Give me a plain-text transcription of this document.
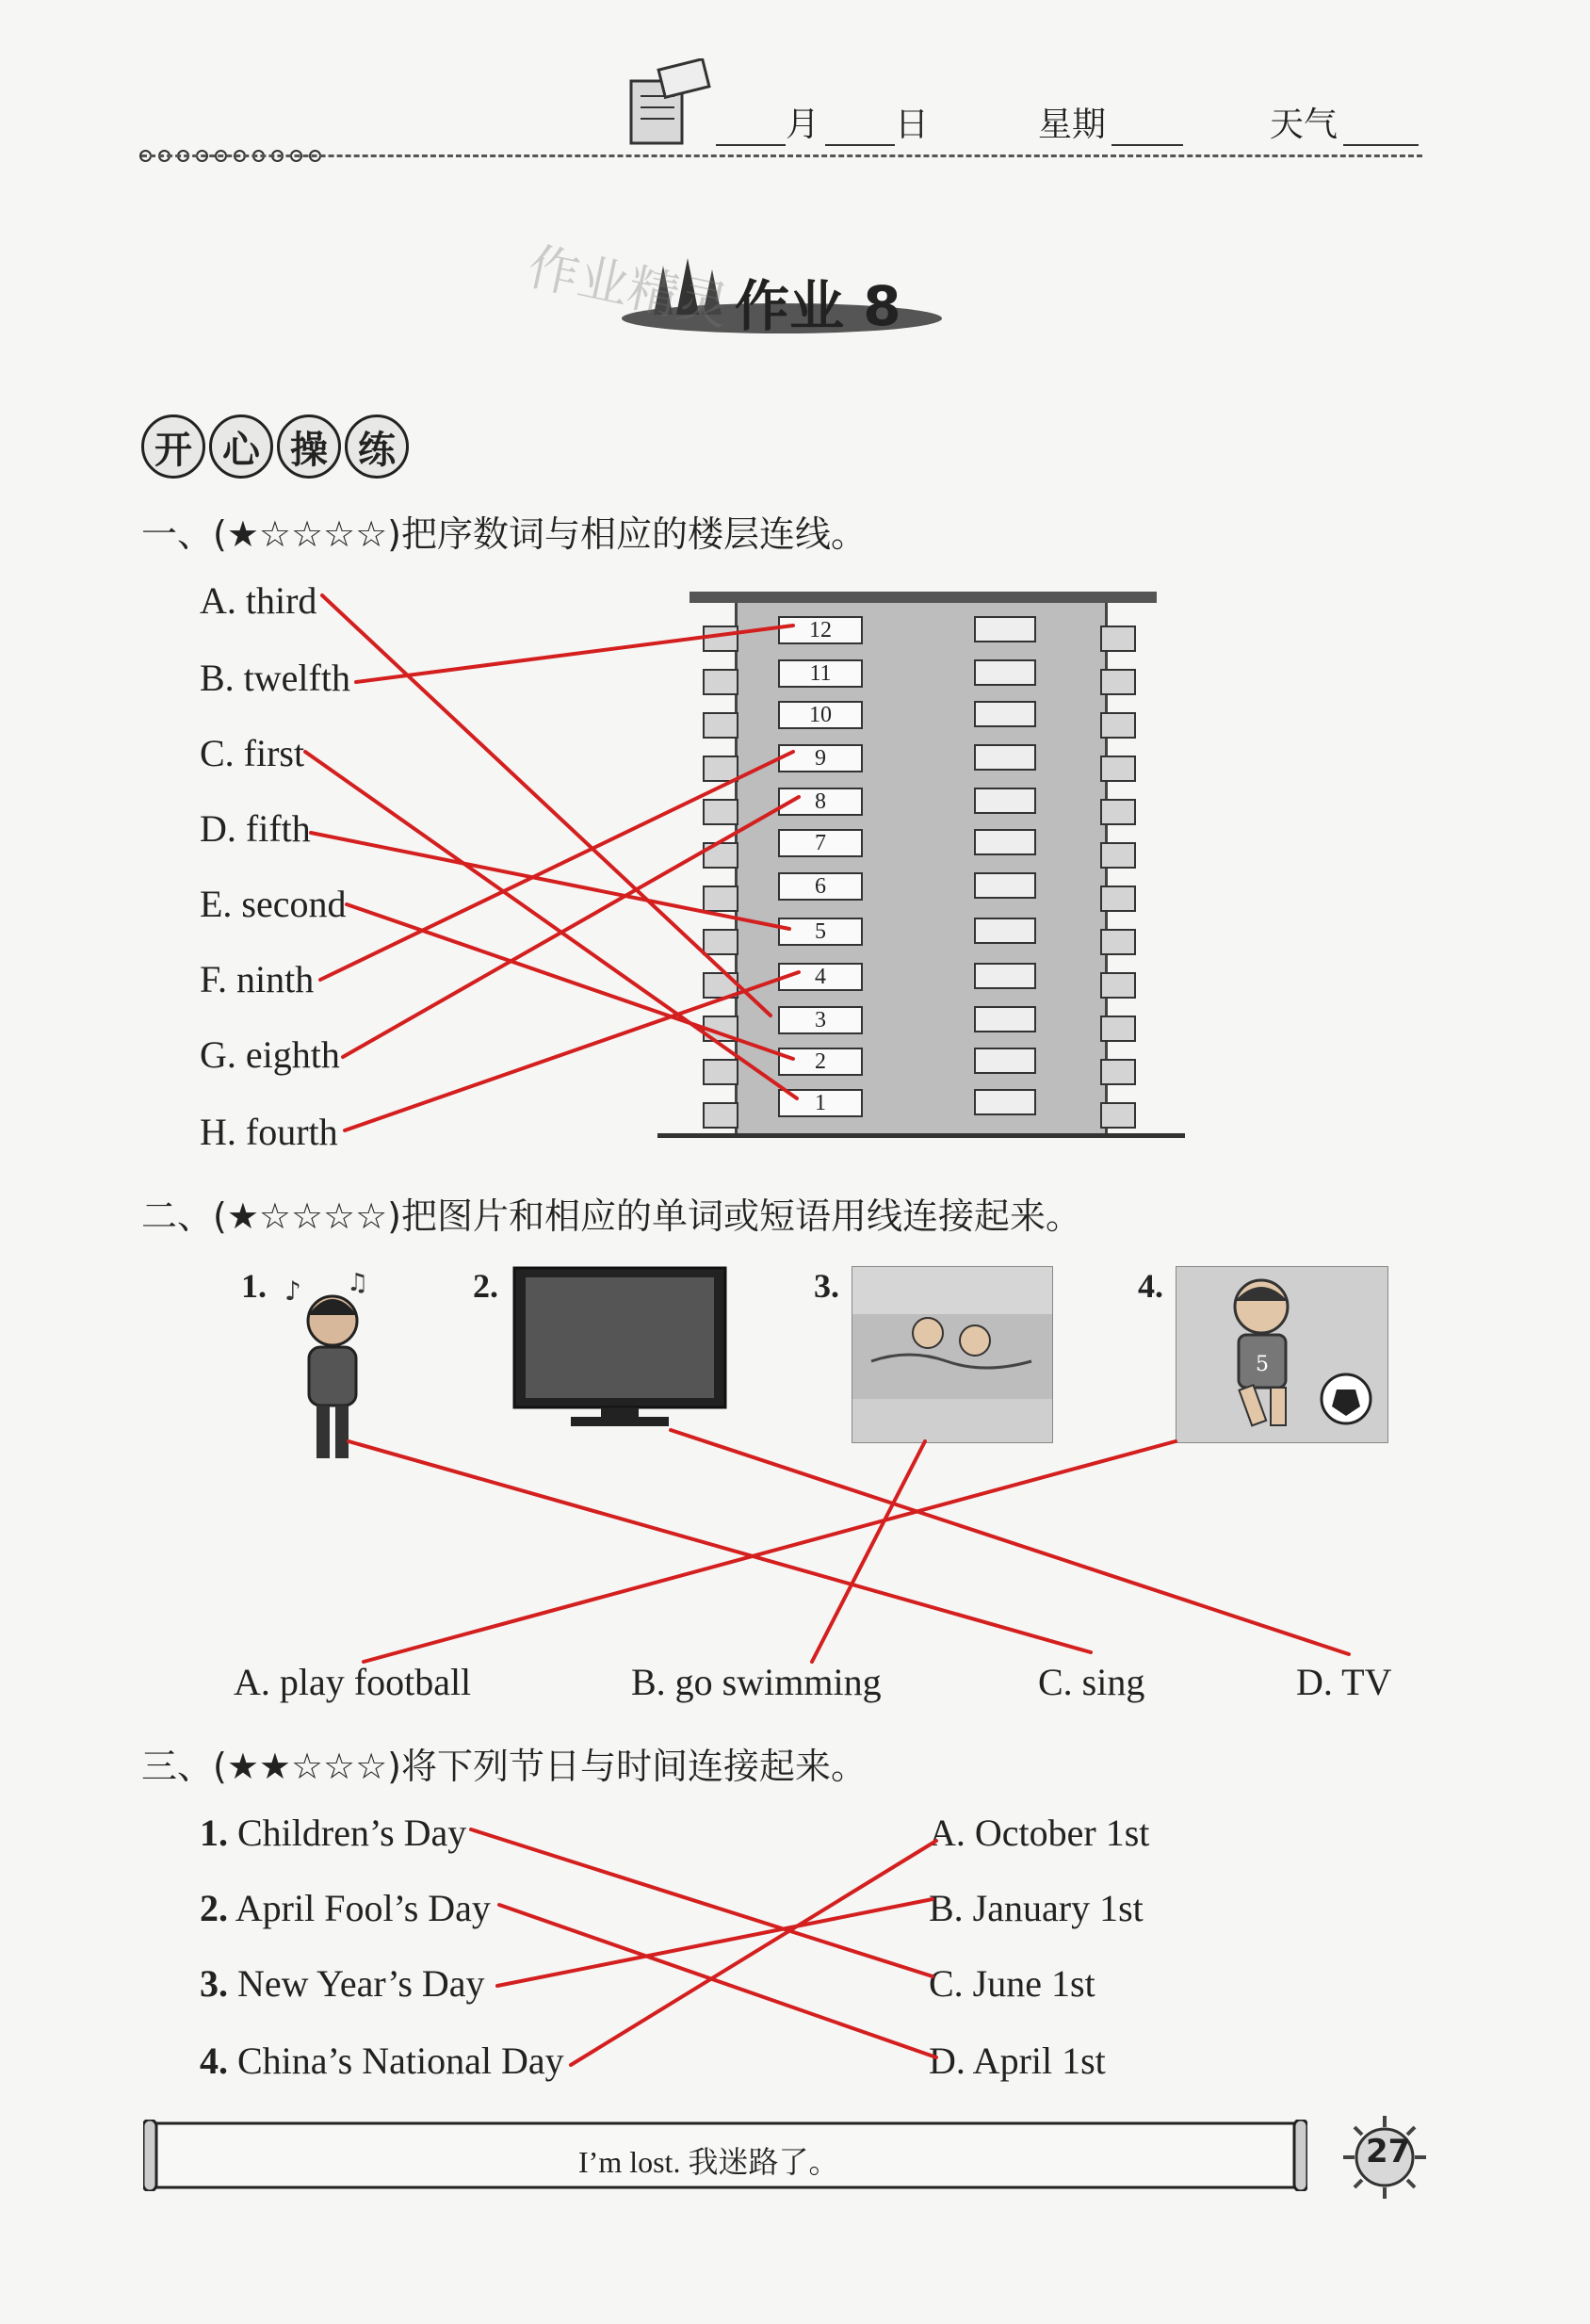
月 日	星期	天气
作业精灵 作业 8
开 心 操 练
一、(★☆☆☆☆)把序数词与相应的楼层连线。
A. third
B. twelfth
C. first
D. fifth
E. second
F. ninth
G. eighth
H. fourth
12
11
10
9
8
7
6
5
4
3
2
1
二、(★☆☆☆☆)把图片和相应的单词或短语用线连接起来。
1.	2.	3.	4.
♪ ♫
5
A. play football	B. go swimming	C. sing	D. TV
三、(★★☆☆☆)将下列节日与时间连接起来。
1. Children’s Day
2. April Fool’s Day
3. New Year’s Day
4. China’s National Day
A. October 1st
B. January 1st
C. June 1st
D. April 1st
I’m lost. 我迷路了。	27
